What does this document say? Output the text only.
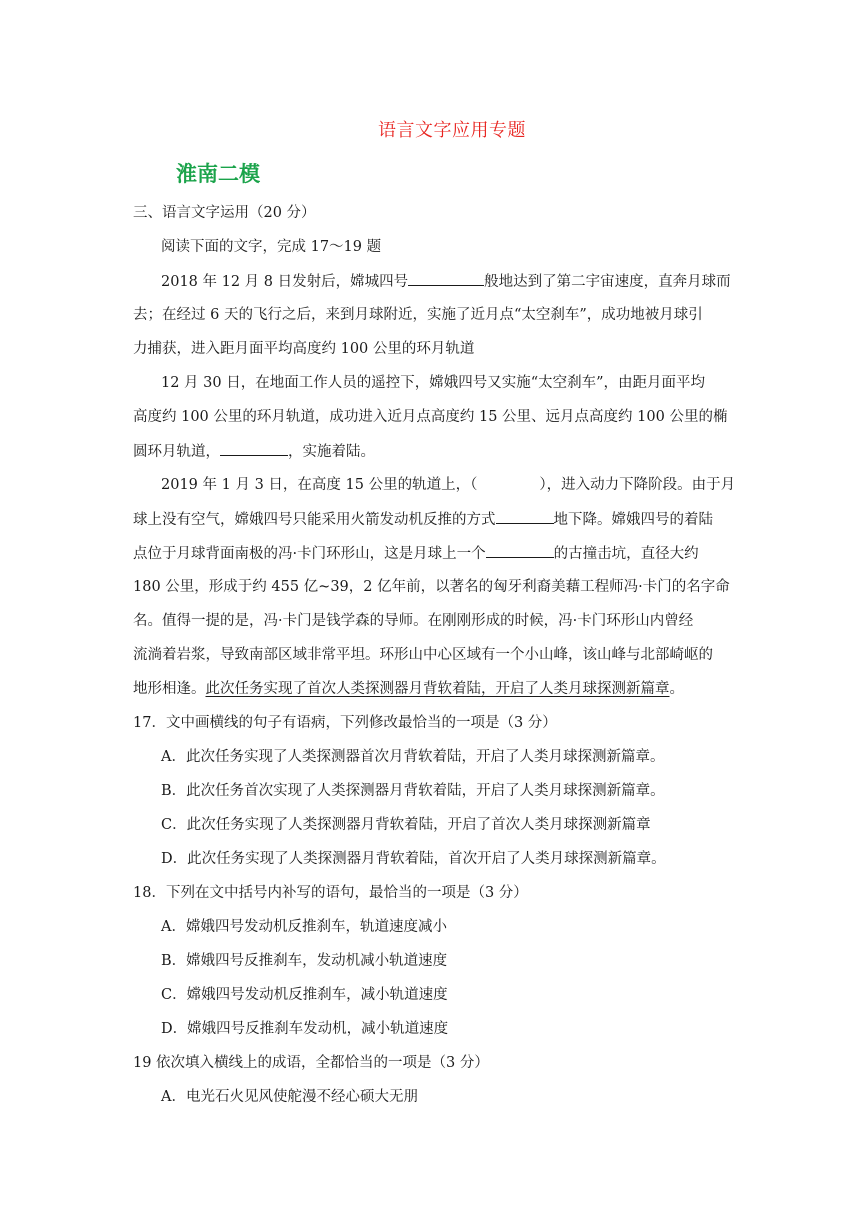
语言文字应用专题
淮南二模
三、语言文字运用（20 分）
阅读下面的文字，完成 17～19 题
2018 年 12 月 8 日发射后，嫦城四号	般地达到了第二宇宙速度，直奔月球而
去；在经过 6 天的飞行之后，来到月球附近，实施了近月点“太空刹车”，成功地被月球引
力捕获，进入距月面平均高度约 100 公里的环月轨道
12 月 30 日，在地面工作人员的遥控下，嫦娥四号又实施“太空刹车”，由距月面平均
高度约 100 公里的环月轨道，成功进入近月点高度约 15 公里、远月点高度约 100 公里的椭
圆环月轨道，	，实施着陆。
2019 年 1 月 3 日，在高度 15 公里的轨道上，（	），进入动力下降阶段。由于月
球上没有空气，嫦娥四号只能采用火箭发动机反推的方式	地下降。嫦娥四号的着陆
点位于月球背面南极的冯·卡门环形山，这是月球上一个	的古撞击坑，直径大约
180 公里，形成于约 455 亿~39，2 亿年前，以著名的匈牙利裔美藉工程师冯·卡门的名字命
名。值得一提的是，冯·卡门是钱学森的导师。在刚刚形成的时候，冯·卡门环形山内曾经
流淌着岩浆，导致南部区域非常平坦。环形山中心区域有一个小山峰，该山峰与北部崎岖的
地形相逢。此次任务实现了首次人类探测器月背软着陆，开启了人类月球探测新篇章。
17．文中画横线的句子有语病，下列修改最恰当的一项是（3 分）
A．此次任务实现了人类探测器首次月背软着陆，开启了人类月球探测新篇章。
B．此次任务首次实现了人类探测器月背软着陆，开启了人类月球探测新篇章。
C．此次任务实现了人类探测器月背软着陆，开启了首次人类月球探测新篇章
D．此次任务实现了人类探测器月背软着陆，首次开启了人类月球探测新篇章。
18．下列在文中括号内补写的语句，最恰当的一项是（3 分）
A．嫦娥四号发动机反推刹车，轨道速度减小
B．嫦娥四号反推刹车，发动机减小轨道速度
C．嫦娥四号发动机反推刹车，减小轨道速度
D．嫦娥四号反推刹车发动机，减小轨道速度
19 依次填入横线上的成语，全都恰当的一项是（3 分）
A．电光石火见风使舵漫不经心硕大无朋
